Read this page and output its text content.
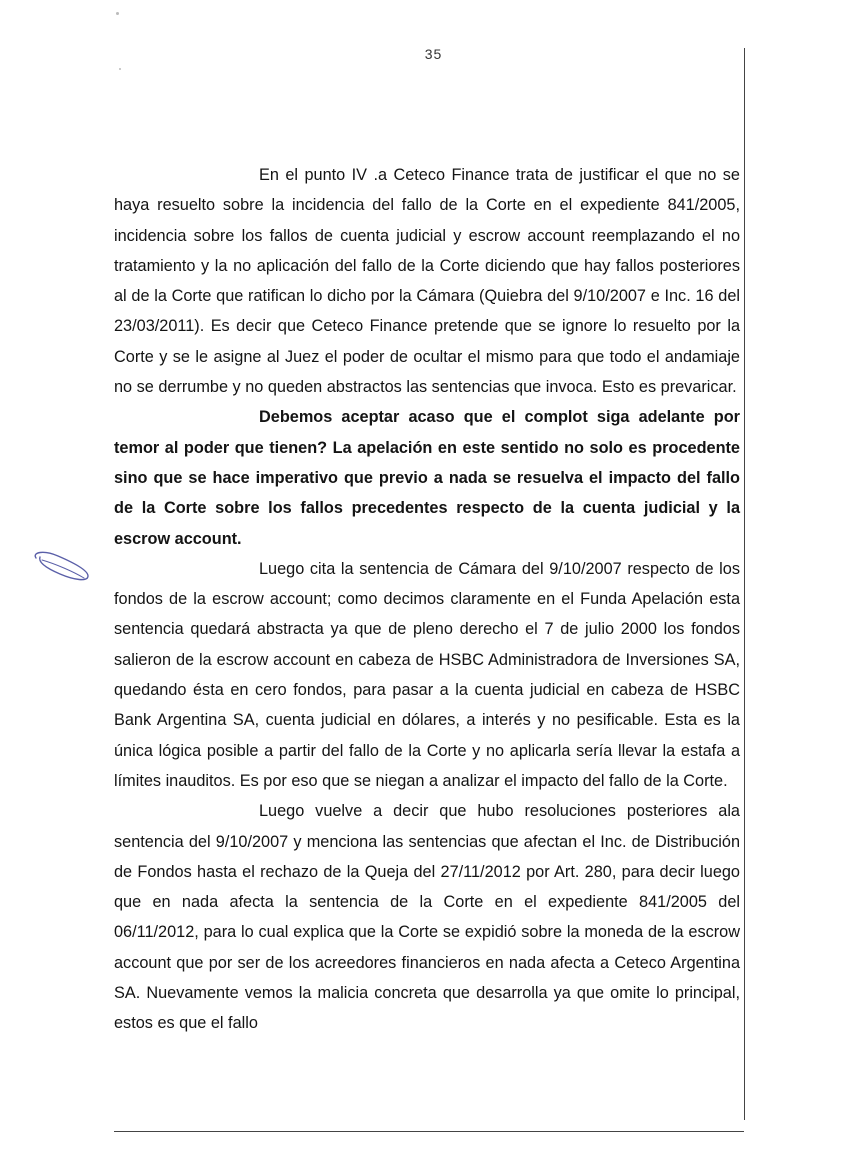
35

En el punto IV .a Ceteco Finance trata de justificar el que no se haya resuelto sobre la incidencia del fallo de la Corte en el expediente 841/2005, incidencia sobre los fallos de cuenta judicial y escrow account reemplazando el no tratamiento y la no aplicación del fallo de la Corte diciendo que hay fallos posteriores al de la Corte que ratifican lo dicho por la Cámara (Quiebra del 9/10/2007 e Inc. 16 del 23/03/2011). Es decir que Ceteco Finance pretende que se ignore lo resuelto por la Corte y se le asigne al Juez el poder de ocultar el mismo para que todo el andamiaje no se derrumbe y no queden abstractos las sentencias que invoca. Esto es prevaricar.

Debemos aceptar acaso que el complot siga adelante por temor al poder que tienen? La apelación en este sentido no solo es procedente sino que se hace imperativo que previo a nada se resuelva el impacto del fallo de la Corte sobre los fallos precedentes respecto de la cuenta judicial y la escrow account.

Luego cita la sentencia de Cámara del 9/10/2007 respecto de los fondos de la escrow account; como decimos claramente en el Funda Apelación esta sentencia quedará abstracta ya que de pleno derecho el 7 de julio 2000 los fondos salieron de la escrow account en cabeza de HSBC Administradora de Inversiones SA, quedando ésta en cero fondos, para pasar a la cuenta judicial en cabeza de HSBC Bank Argentina SA, cuenta judicial en dólares, a interés y no pesificable. Esta es la única lógica posible a partir del fallo de la Corte y no aplicarla sería llevar la estafa a límites inauditos. Es por eso que se niegan a analizar el impacto del fallo de la Corte.

Luego vuelve a decir que hubo resoluciones posteriores ala sentencia del 9/10/2007 y menciona las sentencias que afectan el Inc. de Distribución de Fondos hasta el rechazo de la Queja del 27/11/2012 por Art. 280, para decir luego que en nada afecta la sentencia de la Corte en el expediente 841/2005 del 06/11/2012, para lo cual explica que la Corte se expidió sobre la moneda de la escrow account que por ser de los acreedores financieros en nada afecta a Ceteco Argentina SA. Nuevamente vemos la malicia concreta que desarrolla ya que omite lo principal, estos es que el fallo
